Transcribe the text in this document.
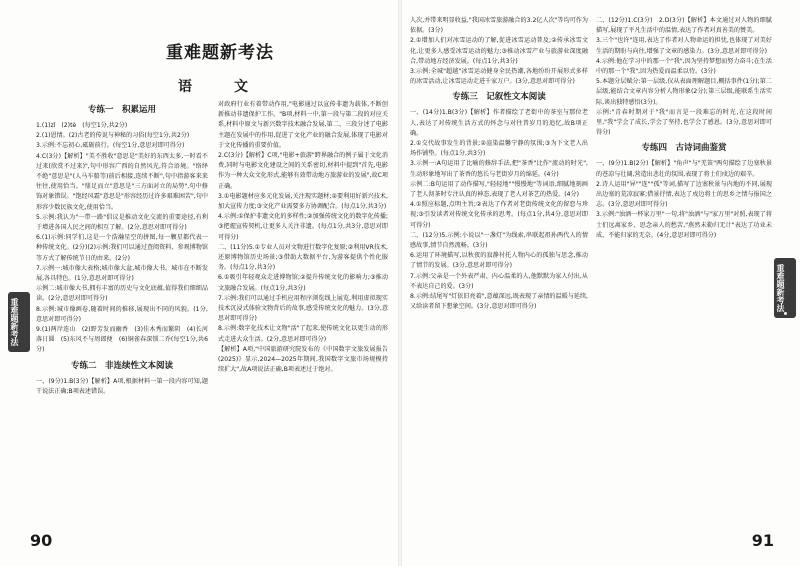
重难题新考法
语　文
专练一　积累运用

1.(1)zǐ　(2)tè　(每空1分,共2分)

2.(1)恩情。(2)古老的传说与神秘的习俗(每空1分,共2分)

3.示例:不忘初心,砥砺前行。(每空1分,意思对即可得分)

4.C(3分)【解析】"美不胜收"意思是"美好的东西太多,一时看不过来(欣赏不过来)",句中形容广西的自然风光,符合语境。"络绎不绝"意思是"(人马车船等)前后相接,连续不断",句中指游客来来往往,使用恰当。"鼎足而立"意思是"三方面对立的局势",句中修饰对象错误。"饱经风霜"意思是"形容经历过许多艰难困苦",句中形容少数民族文化,使用恰当。

5.示例:我认为"一带一路"倡议是推动文化交流的重要途径,有利于增进各国人民之间的相互了解。(2分,意思对即可得分)

6.(1)示例:同学们,这是一个浩瀚星空的拼图,每一颗星都代表一种传统文化。(2分)(2)示例:我们可以通过查阅资料、参观博物馆等方式了解传统节日的由来。(2分)

7.示例一:城市像大表格;城市像大盆,城市像大书。城市在不断发展,各具特色。(1分,意思对即可得分)

示例二:城市像大书,拥有丰富的历史与文化底蕴,值得我们细细品读。(2分,意思对即可得分)

8.示例:城市像画卷,随着时间的推移,展现出不同的风貌。(1分,意思对即可得分)

9.(1)两岸连山　(2)野芳发而幽香　(3)佳木秀而繁阴　(4)长河落日圆　(5)东风不与周郎便　(6)铜雀春深锁二乔(每空1分,共6分)

专练二　非连续性文本阅读

一、(9分)1.B(3分)【解析】A项,根据材料一第一段内容可知,题干说法正确;B项表述错误。

对政府行业有着带动作用,"电影通过以宣传非遗为载体,不断创新推动非遗保护工作。"B项,材料一中,第一段与第二段的对应关系,材料中原文与新兴数字技术融合发展,第二、三段分述了电影主题在发展中的作用,促进了文化产业的融合发展,体现了电影对于文化传播的重要价值。

2.C(3分)【解析】C项,"电影+旅游"跨界融合的例子属于文化消费,同时与电影文化建设之间的关系密切,材料中提到"首先,电影作为一种大众文化形式,能够有效带动地方旅游业的发展",故C项正确。

3.①电影题材应多元化发展,关注现实题材;②要利用好新兴技术,加大宣传力度;③文化产业需要多方协调配合。(每点1分,共3分)

4.示例:①保护非遗文化的多样性;②加强传统文化的数字化传播;③把握宣传契机,让更多人关注非遗。(每点1分,共3分,意思对即可得分)

二、(11分)5.①专业人员对文物进行数字化复原;②利用VR技术,还原博物馆历史场景;③借助大数据平台,为游客提供个性化服务。(每点1分,共3分)

6.①吸引年轻观众走进博物馆;②提升传统文化的影响力;③推动文旅融合发展。(每点1分,共3分)

7.示例:我们可以通过手机应用程序浏览线上展览,利用虚拟现实技术沉浸式体验文物背后的故事,感受传统文化的魅力。(3分,意思对即可得分)

8.示例:数字化技术让文物"活"了起来,使传统文化以更生动的形式走进大众生活。(2分,意思对即可得分)

【解析】A项,"中国旅游研究院发布的《中国数字文旅发展报告(2025)》显示,2024—2025年期间,我国数字文旅市场规模持续扩大",故A项说法正确,B项表述过于绝对。

重难题新考法
90

人次,并带来明显收益,"我国冰雪旅游融合的3.2亿人次"等均可作为依据。(3分)

2.①增加人们对冰雪运动的了解,促进冰雪运动普及;②传承冰雪文化,让更多人感受冰雪运动的魅力;③推动冰雪产业与旅游业深度融合,带动地方经济发展。(每点1分,共3分)

3.示例:全城"超越"冰雪运动健身全民热潮,各地纷纷开展形式多样的冰雪活动,让冰雪运动走进千家万户。(3分,意思对即可得分)

专练三　记叙性文本阅读

一、(14分)1.B(3分)【解析】作者描绘了老街中的茶室与那位老人,表达了对传统生活方式的怀念与对往昔岁月的追忆,故B项正确。

2.①交代故事发生的背景;②渲染温馨宁静的氛围;③为下文老人出场作铺垫。(每点1分,共3分)

3.示例一:A句运用了比喻的修辞手法,把"茶香"比作"流动的时光",生动形象地写出了茶香的悠长与老街岁月的绵延。(4分)

示例二:B句运用了动作描写,"轻轻地""慢慢地"等词语,细腻地刻画了老人沏茶时专注认真的神态,表现了老人对茶艺的热爱。(4分)

4.①照应标题,点明主旨;②表达了作者对老街传统文化的留恋与珍视;③引发读者对传统文化传承的思考。(每点1分,共4分,意思对即可得分)

二、(12分)5.示例:小说以"一盏灯"为线索,串联起祖孙两代人的情感故事,情节自然流畅。(3分)

6.运用了环境描写,以秋夜的寂静衬托人物内心的孤独与思念,推动了情节的发展。(3分,意思对即可得分)

7.示例:父亲是一个外表严肃、内心温柔的人,他默默为家人付出,从不表达自己的爱。(3分)

8.示例:结尾写"灯依旧亮着",意蕴深远,既表现了亲情的温暖与延续,又给读者留下想象空间。(3分,意思对即可得分)

二、(12分)1.C(3分)　2.D(3分)【解析】本文通过对人物的细腻描写,展现了平凡生活中的温情,表达了作者对真善美的赞美。

3.三个"也许"连用,表达了作者对人物命运的担忧,也体现了对美好生活的期盼与向往,增强了文章的感染力。(3分,意思对即可得分)

4.示例:他在学习中的那一个"我",因为坚持梦想而努力奋斗;在生活中的那一个"我",因为热爱而温柔以待。(3分)

5.本题分层赋分:第一层级,仅从表面理解题目,概括事件(1分);第二层级,能结合文章内容分析人物形象(2分);第三层级,能联系生活实际,谈出独特感悟(3分)。

示例:"青春时期对于"我"而言是一段难忘的时光,在这段时间里,"我"学会了成长,学会了坚持,也学会了感恩。(3分,意思对即可得分)

专练四　古诗词曲鉴赏

一、(9分)1.B(2分)【解析】"角声"与"羌笛"两句描绘了边塞秋景的苍凉与壮阔,营造出悲壮的氛围,表现了将士们戍边的艰辛。

2.诗人运用"异""连""孤"等词,描写了边塞秋景与内地的不同,展现出边塞的荒凉寂寥;借景抒情,表达了戍边将士的思乡之情与报国之志。(3分,意思对即可得分)

3.示例:"浊酒一杯家万里"一句,将"浊酒"与"家万里"对照,表现了将士们远离家乡、思念亲人的愁苦,"燕然未勒归无计"表达了功业未成、不能归家的无奈。(4分,意思对即可得分)

重难题新考法
91
